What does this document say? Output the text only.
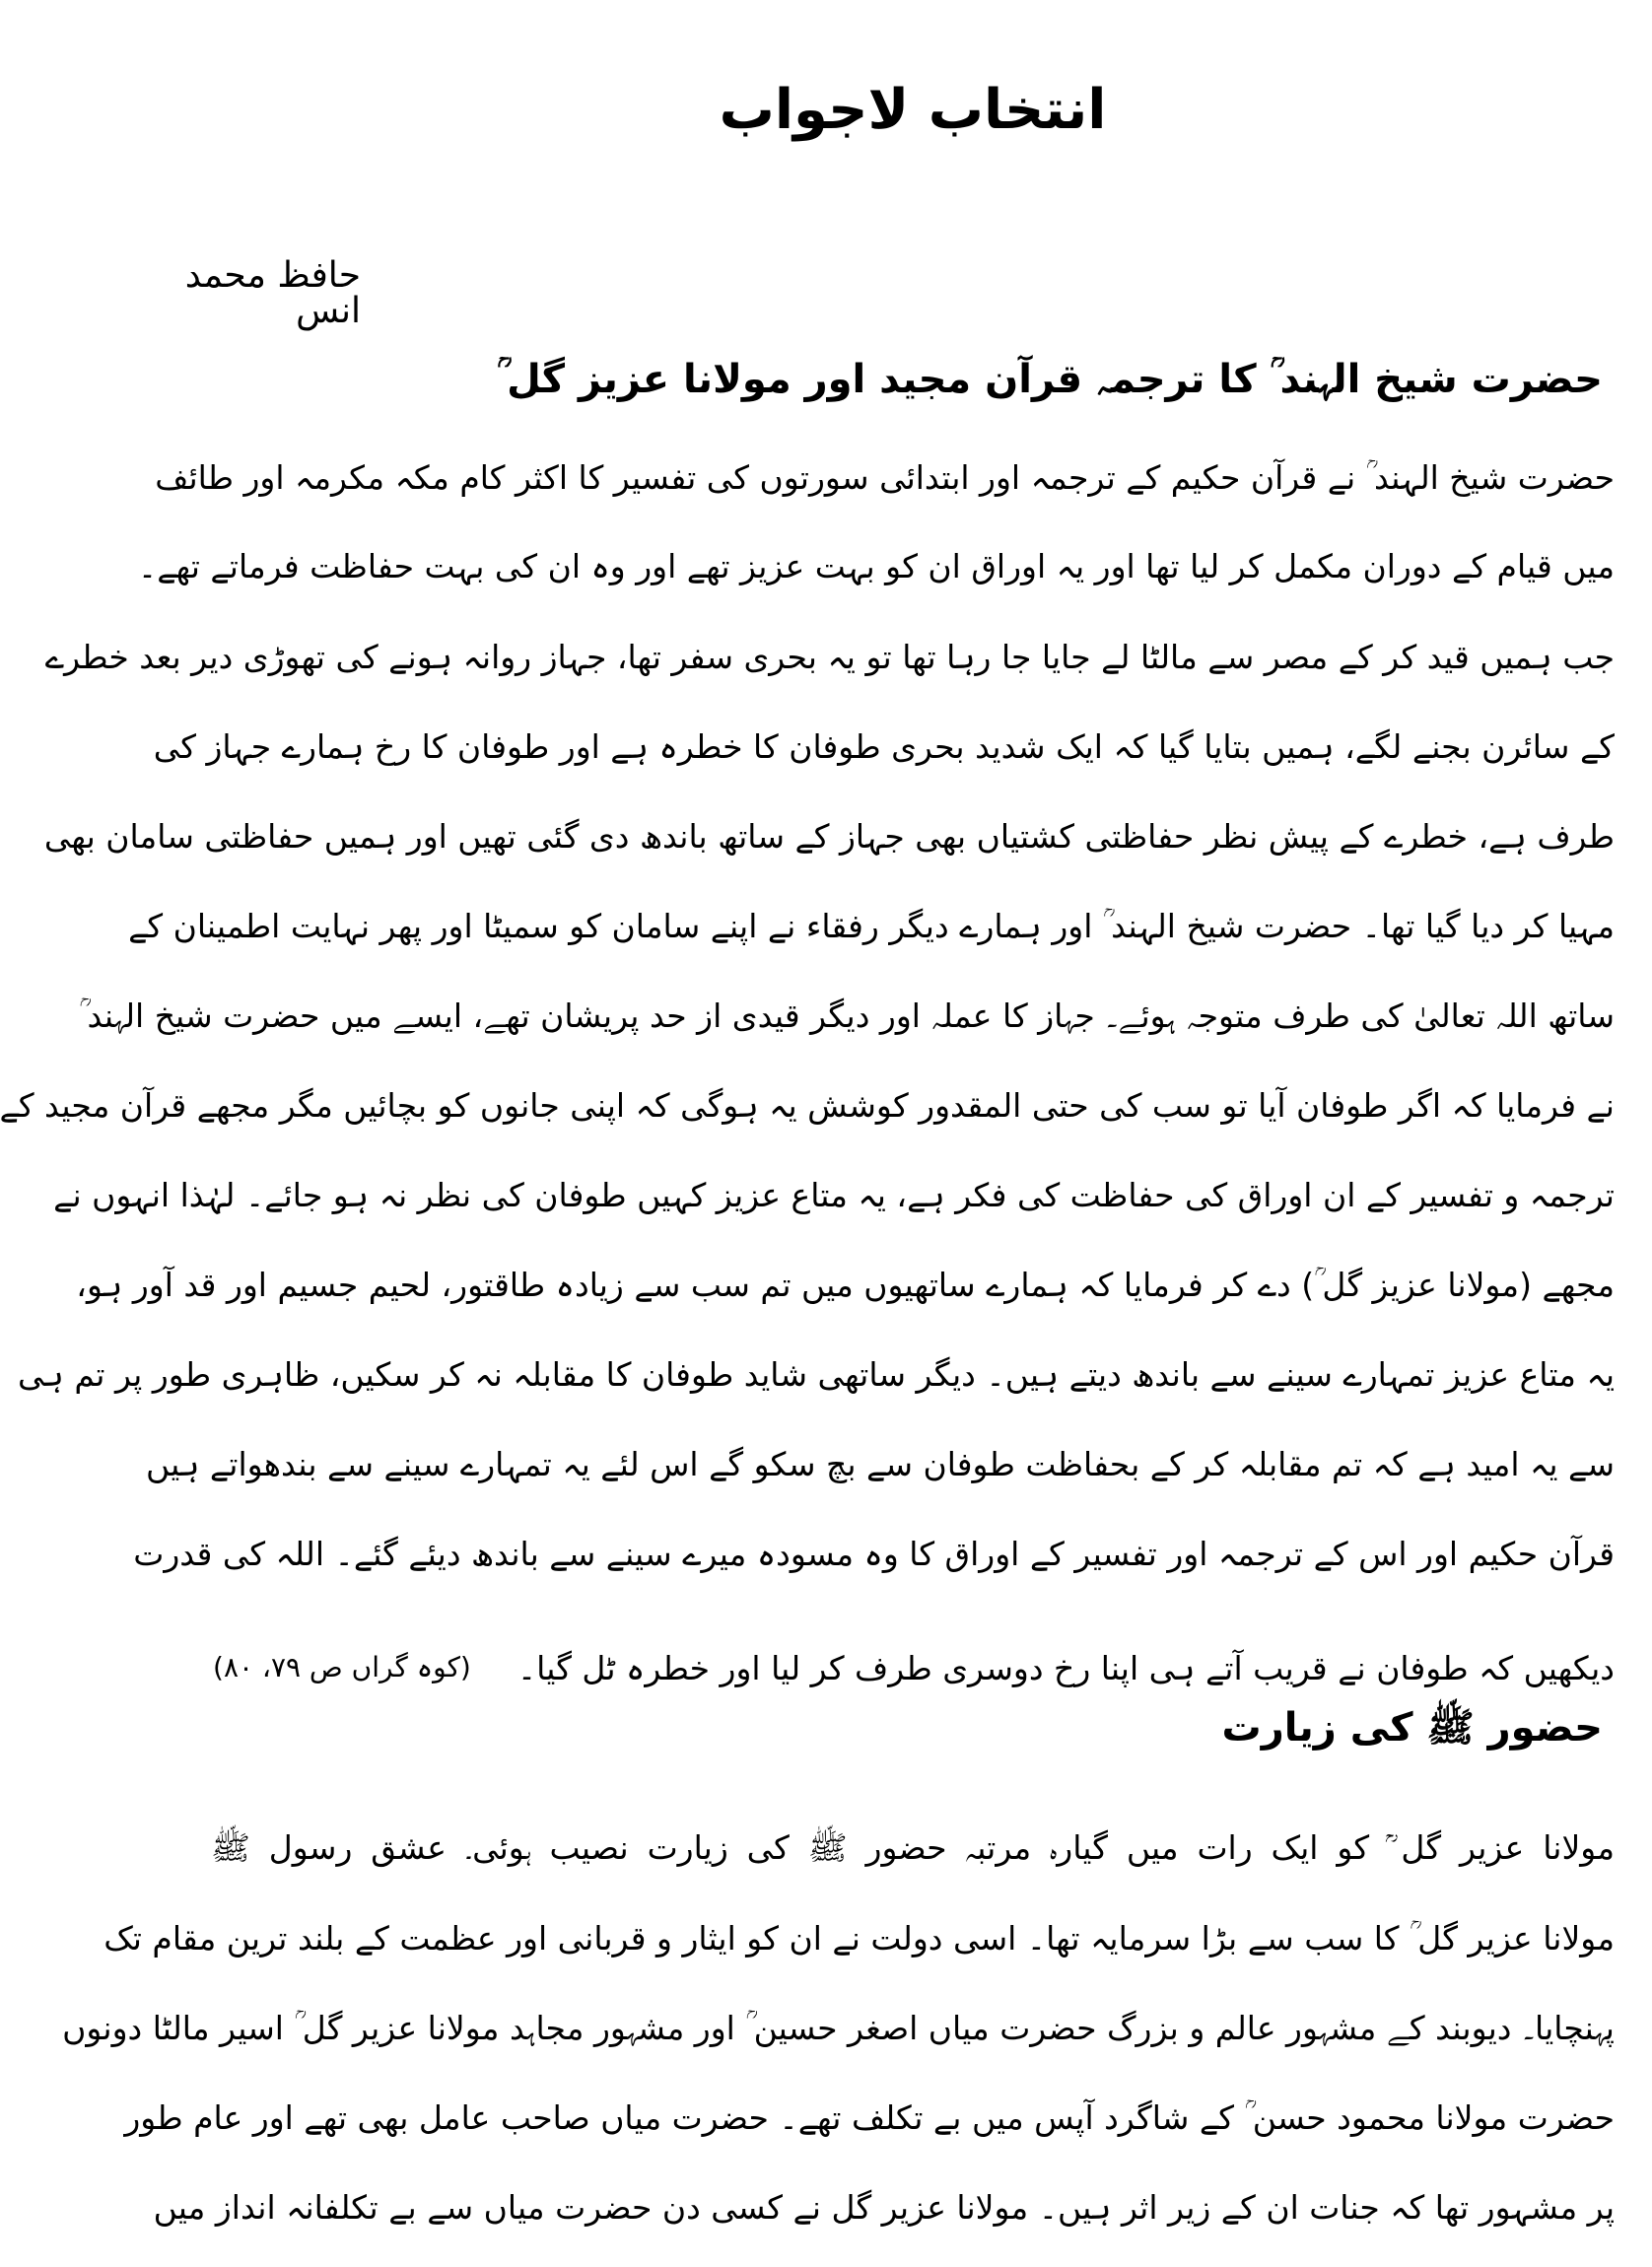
انتخاب لاجواب
حافظ محمد انس
حضرت شیخ الہند ؒ کا ترجمہ قرآن مجید اور مولانا عزیز گل ؒ
حضرت شیخ الہند ؒ نے قرآن حکیم کے ترجمہ اور ابتدائی سورتوں کی تفسیر کا اکثر کام مکہ مکرمہ اور طائف
میں قیام کے دوران مکمل کر لیا تھا اور یہ اوراق ان کو بہت عزیز تھے اور وہ ان کی بہت حفاظت فرماتے تھے۔
جب ہمیں قید کر کے مصر سے مالٹا لے جایا جا رہا تھا تو یہ بحری سفر تھا، جہاز روانہ ہونے کی تھوڑی دیر بعد خطرے
کے سائرن بجنے لگے، ہمیں بتایا گیا کہ ایک شدید بحری طوفان کا خطرہ ہے اور طوفان کا رخ ہمارے جہاز کی
طرف ہے، خطرے کے پیش نظر حفاظتی کشتیاں بھی جہاز کے ساتھ باندھ دی گئی تھیں اور ہمیں حفاظتی سامان بھی
مہیا کر دیا گیا تھا۔ حضرت شیخ الہند ؒ اور ہمارے دیگر رفقاء نے اپنے سامان کو سمیٹا اور پھر نہایت اطمینان کے
ساتھ اللہ تعالیٰ کی طرف متوجہ ہوئے۔ جہاز کا عملہ اور دیگر قیدی از حد پریشان تھے، ایسے میں حضرت شیخ الہند ؒ
نے فرمایا کہ اگر طوفان آیا تو سب کی حتی المقدور کوشش یہ ہوگی کہ اپنی جانوں کو بچائیں مگر مجھے قرآن مجید کے
ترجمہ و تفسیر کے ان اوراق کی حفاظت کی فکر ہے، یہ متاع عزیز کہیں طوفان کی نظر نہ ہو جائے۔ لہٰذا انہوں نے
مجھے (مولانا عزیز گل ؒ) دے کر فرمایا کہ ہمارے ساتھیوں میں تم سب سے زیادہ طاقتور، لحیم جسیم اور قد آور ہو،
یہ متاع عزیز تمہارے سینے سے باندھ دیتے ہیں۔ دیگر ساتھی شاید طوفان کا مقابلہ نہ کر سکیں، ظاہری طور پر تم ہی
سے یہ امید ہے کہ تم مقابلہ کر کے بحفاظت طوفان سے بچ سکو گے اس لئے یہ تمہارے سینے سے بندھواتے ہیں
قرآن حکیم اور اس کے ترجمہ اور تفسیر کے اوراق کا وہ مسودہ میرے سینے سے باندھ دیئے گئے۔ اللہ کی قدرت
دیکھیں کہ طوفان نے قریب آتے ہی اپنا رخ دوسری طرف کر لیا اور خطرہ ٹل گیا۔
(کوہ گراں ص ۷۹، ۸۰)
حضور ﷺ کی زیارت
مولانا عزیر گل ؒ کو ایک رات میں گیارہ مرتبہ حضور ﷺ کی زیارت نصیب ہوئی۔ عشق رسول ﷺ
مولانا عزیر گل ؒ کا سب سے بڑا سرمایہ تھا۔ اسی دولت نے ان کو ایثار و قربانی اور عظمت کے بلند ترین مقام تک
پہنچایا۔ دیوبند کے مشہور عالم و بزرگ حضرت میاں اصغر حسین ؒ اور مشہور مجاہد مولانا عزیر گل ؒ اسیر مالٹا دونوں
حضرت مولانا محمود حسن ؒ کے شاگرد آپس میں بے تکلف تھے۔ حضرت میاں صاحب عامل بھی تھے اور عام طور
پر مشہور تھا کہ جنات ان کے زیر اثر ہیں۔ مولانا عزیر گل نے کسی دن حضرت میاں سے بے تکلفانہ انداز میں
